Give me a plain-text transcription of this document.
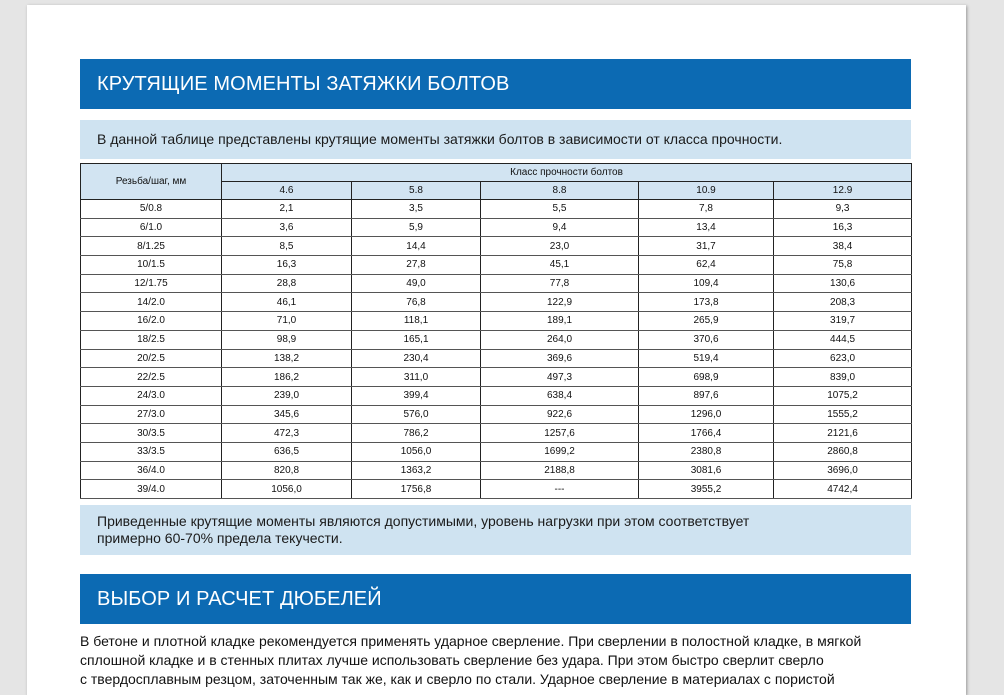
КРУТЯЩИЕ МОМЕНТЫ ЗАТЯЖКИ БОЛТОВ
В данной таблице представлены крутящие моменты затяжки болтов в зависимости от класса прочности.
Резьба/шаг, мм	Класс прочности болтов				
	4.6	5.8	8.8	10.9	12.9
5/0.8	2,1	3,5	5,5	7,8	9,3
6/1.0	3,6	5,9	9,4	13,4	16,3
8/1.25	8,5	14,4	23,0	31,7	38,4
10/1.5	16,3	27,8	45,1	62,4	75,8
12/1.75	28,8	49,0	77,8	109,4	130,6
14/2.0	46,1	76,8	122,9	173,8	208,3
16/2.0	71,0	118,1	189,1	265,9	319,7
18/2.5	98,9	165,1	264,0	370,6	444,5
20/2.5	138,2	230,4	369,6	519,4	623,0
22/2.5	186,2	311,0	497,3	698,9	839,0
24/3.0	239,0	399,4	638,4	897,6	1075,2
27/3.0	345,6	576,0	922,6	1296,0	1555,2
30/3.5	472,3	786,2	1257,6	1766,4	2121,6
33/3.5	636,5	1056,0	1699,2	2380,8	2860,8
36/4.0	820,8	1363,2	2188,8	3081,6	3696,0
39/4.0	1056,0	1756,8	---	3955,2	4742,4
Приведенные крутящие моменты являются допустимыми, уровень нагрузки при этом соответствует
примерно 60-70% предела текучести.
ВЫБОР И РАСЧЕТ ДЮБЕЛЕЙ
В бетоне и плотной кладке рекомендуется применять ударное сверление. При сверлении в полостной кладке, в мягкой
сплошной кладке и в стенных плитах лучше использовать сверление без удара. При этом быстро сверлит сверло
с твердосплавным резцом, заточенным так же, как и сверло по стали. Ударное сверление в материалах с пористой
